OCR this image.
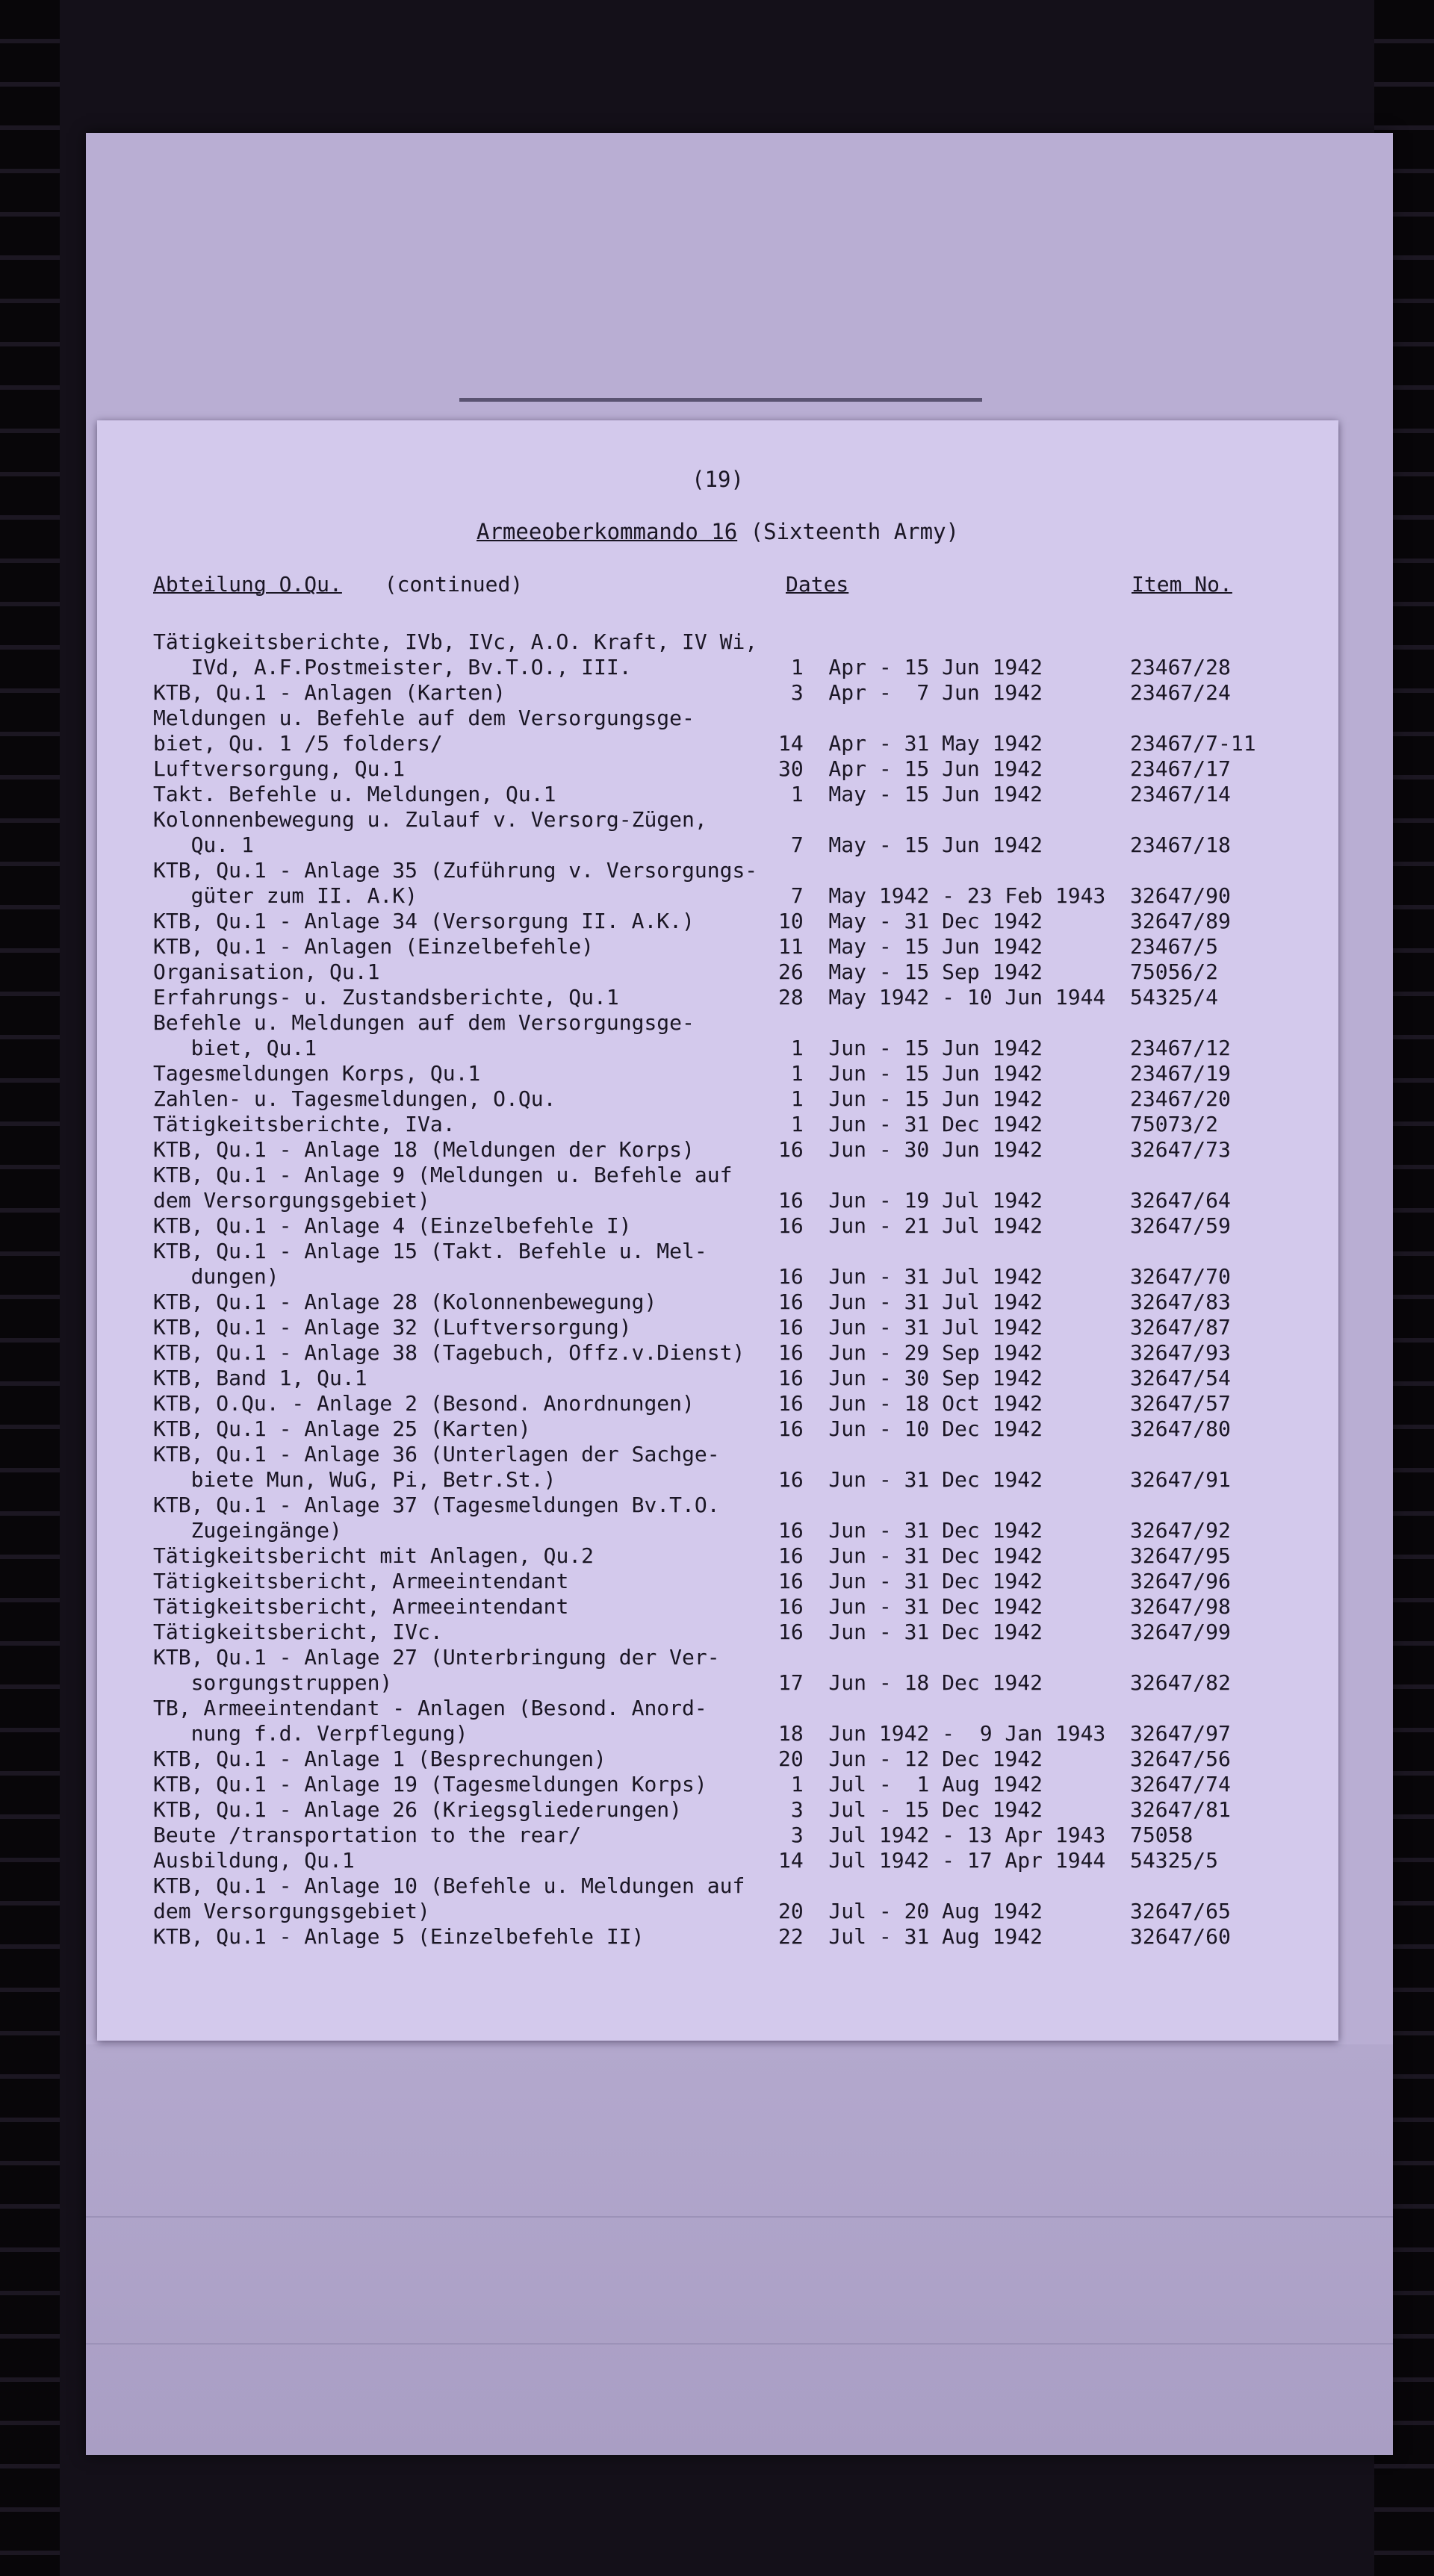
(19)
Armeeoberkommando 16 (Sixteenth Army)
Abteilung O.Qu. (continued)	Dates	Item No.
Tätigkeitsberichte, IVb, IVc, A.O. Kraft, IV Wi,
IVd, A.F.Postmeister, Bv.T.O., III.	1  Apr - 15 Jun 1942	23467/28
KTB, Qu.1 - Anlagen (Karten)	3  Apr -  7 Jun 1942	23467/24
Meldungen u. Befehle auf dem Versorgungsge-
biet, Qu. 1 /5 folders/	14  Apr - 31 May 1942	23467/7-11
Luftversorgung, Qu.1	30  Apr - 15 Jun 1942	23467/17
Takt. Befehle u. Meldungen, Qu.1	1  May - 15 Jun 1942	23467/14
Kolonnenbewegung u. Zulauf v. Versorg-Zügen,
Qu. 1	7  May - 15 Jun 1942	23467/18
KTB, Qu.1 - Anlage 35 (Zuführung v. Versorgungs-
güter zum II. A.K)	7  May 1942 - 23 Feb 1943 32647/90
KTB, Qu.1 - Anlage 34 (Versorgung II. A.K.)	10  May - 31 Dec 1942	32647/89
KTB, Qu.1 - Anlagen (Einzelbefehle)	11  May - 15 Jun 1942	23467/5
Organisation, Qu.1	26  May - 15 Sep 1942	75056/2
Erfahrungs- u. Zustandsberichte, Qu.1	28  May 1942 - 10 Jun 1944 54325/4
Befehle u. Meldungen auf dem Versorgungsge-
biet, Qu.1	1  Jun - 15 Jun 1942	23467/12
Tagesmeldungen Korps, Qu.1	1  Jun - 15 Jun 1942	23467/19
Zahlen- u. Tagesmeldungen, O.Qu.	1  Jun - 15 Jun 1942	23467/20
Tätigkeitsberichte, IVa.	1  Jun - 31 Dec 1942	75073/2
KTB, Qu.1 - Anlage 18 (Meldungen der Korps)	16  Jun - 30 Jun 1942	32647/73
KTB, Qu.1 - Anlage 9 (Meldungen u. Befehle auf
dem Versorgungsgebiet)	16  Jun - 19 Jul 1942	32647/64
KTB, Qu.1 - Anlage 4 (Einzelbefehle I)	16  Jun - 21 Jul 1942	32647/59
KTB, Qu.1 - Anlage 15 (Takt. Befehle u. Mel-
dungen)	16  Jun - 31 Jul 1942	32647/70
KTB, Qu.1 - Anlage 28 (Kolonnenbewegung)	16  Jun - 31 Jul 1942	32647/83
KTB, Qu.1 - Anlage 32 (Luftversorgung)	16  Jun - 31 Jul 1942	32647/87
KTB, Qu.1 - Anlage 38 (Tagebuch, Offz.v.Dienst) 16  Jun - 29 Sep 1942	32647/93
KTB, Band 1, Qu.1	16  Jun - 30 Sep 1942	32647/54
KTB, O.Qu. - Anlage 2 (Besond. Anordnungen)	16  Jun - 18 Oct 1942	32647/57
KTB, Qu.1 - Anlage 25 (Karten)	16  Jun - 10 Dec 1942	32647/80
KTB, Qu.1 - Anlage 36 (Unterlagen der Sachge-
biete Mun, WuG, Pi, Betr.St.)	16  Jun - 31 Dec 1942	32647/91
KTB, Qu.1 - Anlage 37 (Tagesmeldungen Bv.T.O.
Zugeingänge)	16  Jun - 31 Dec 1942	32647/92
Tätigkeitsbericht mit Anlagen, Qu.2	16  Jun - 31 Dec 1942	32647/95
Tätigkeitsbericht, Armeeintendant	16  Jun - 31 Dec 1942	32647/96
Tätigkeitsbericht, Armeeintendant	16  Jun - 31 Dec 1942	32647/98
Tätigkeitsbericht, IVc.	16  Jun - 31 Dec 1942	32647/99
KTB, Qu.1 - Anlage 27 (Unterbringung der Ver-
sorgungstruppen)	17  Jun - 18 Dec 1942	32647/82
TB, Armeeintendant - Anlagen (Besond. Anord-
nung f.d. Verpflegung)	18  Jun 1942 -  9 Jan 1943 32647/97
KTB, Qu.1 - Anlage 1 (Besprechungen)	20  Jun - 12 Dec 1942	32647/56
KTB, Qu.1 - Anlage 19 (Tagesmeldungen Korps)	1  Jul -  1 Aug 1942	32647/74
KTB, Qu.1 - Anlage 26 (Kriegsgliederungen)	3  Jul - 15 Dec 1942	32647/81
Beute /transportation to the rear/	3  Jul 1942 - 13 Apr 1943 75058
Ausbildung, Qu.1	14  Jul 1942 - 17 Apr 1944 54325/5
KTB, Qu.1 - Anlage 10 (Befehle u. Meldungen auf
dem Versorgungsgebiet)	20  Jul - 20 Aug 1942	32647/65
KTB, Qu.1 - Anlage 5 (Einzelbefehle II)	22  Jul - 31 Aug 1942	32647/60
